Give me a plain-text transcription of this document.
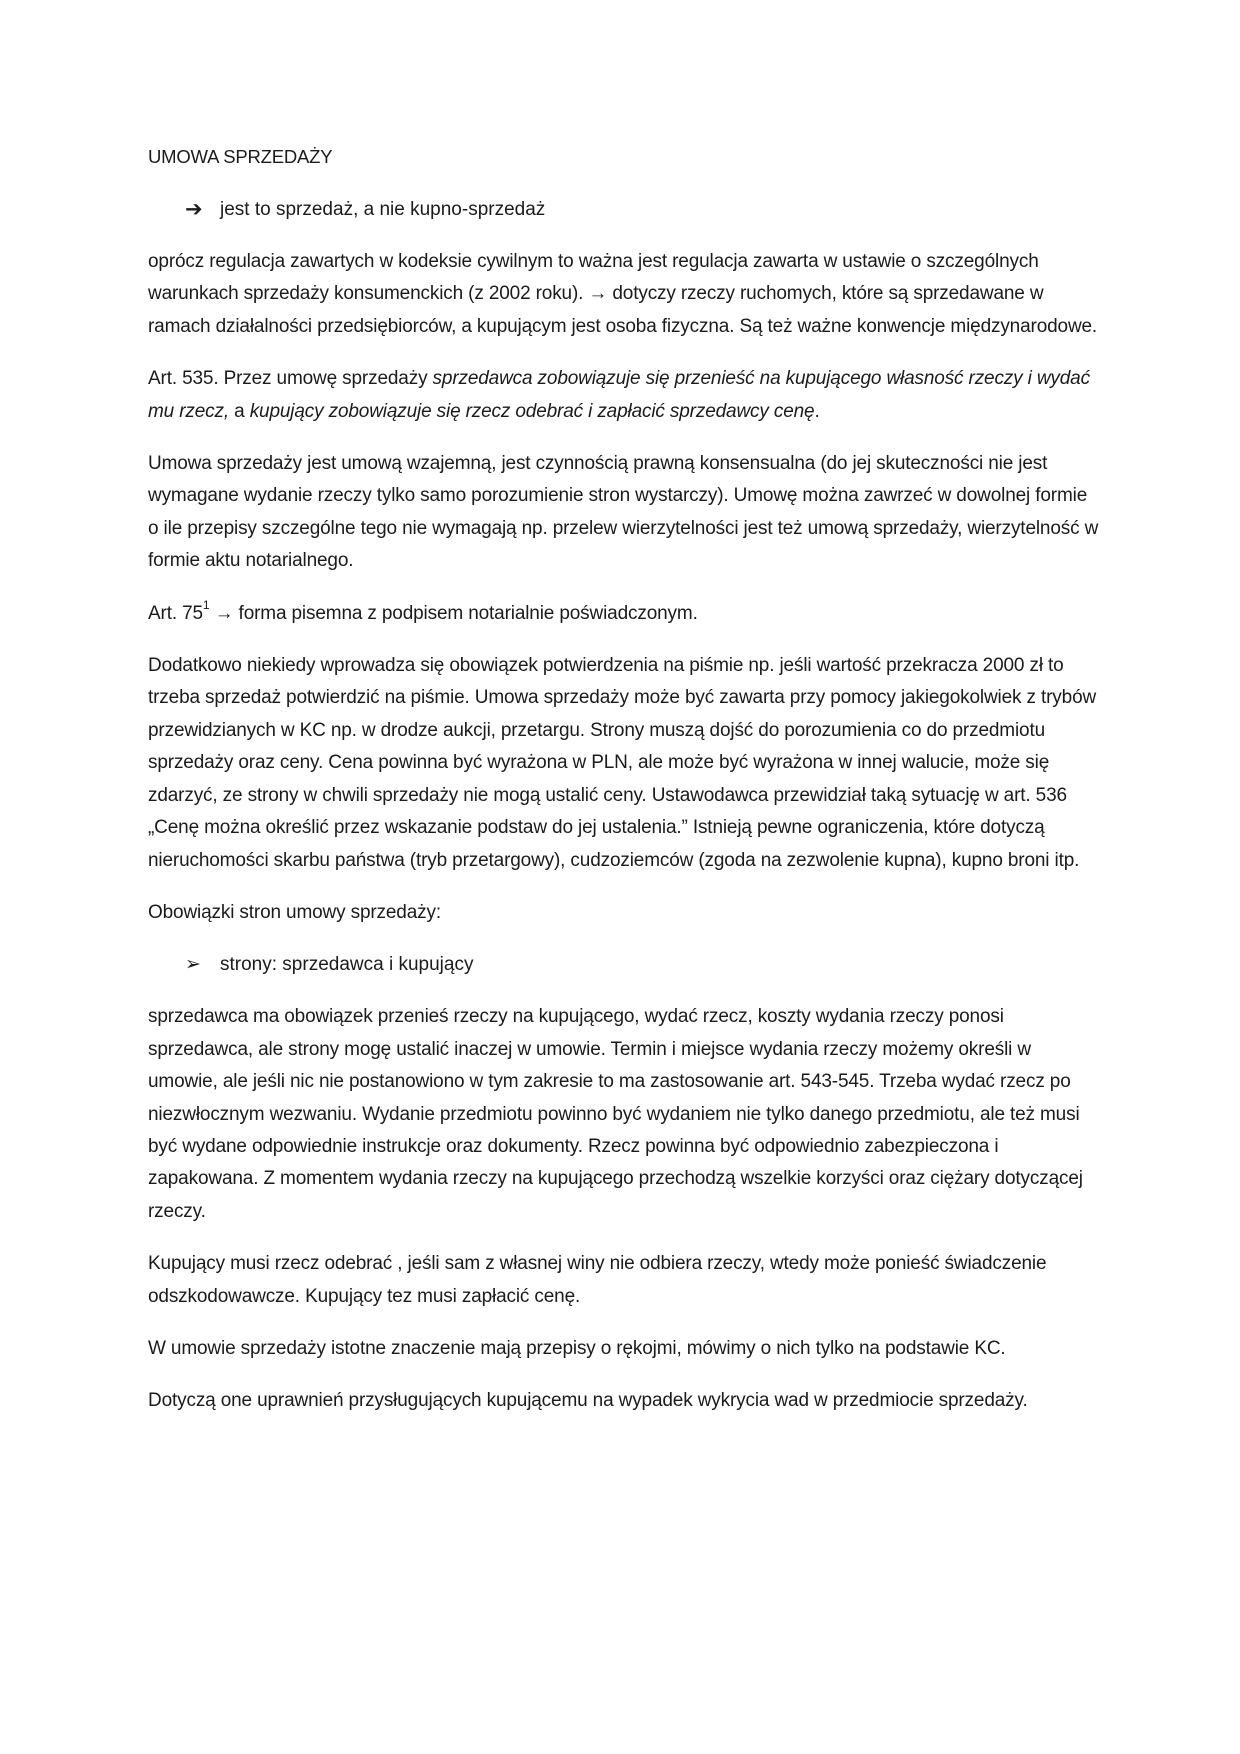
UMOWA SPRZEDAŻY
➔ jest to sprzedaż, a nie kupno-sprzedaż

oprócz regulacja zawartych w kodeksie cywilnym to ważna jest regulacja zawarta w ustawie o szczególnych warunkach sprzedaży konsumenckich (z 2002 roku). → dotyczy rzeczy ruchomych, które są sprzedawane w ramach działalności przedsiębiorców, a kupującym jest osoba fizyczna. Są też ważne konwencje międzynarodowe.

Art. 535. Przez umowę sprzedaży sprzedawca zobowiązuje się przenieść na kupującego własność rzeczy i wydać mu rzecz, a kupujący zobowiązuje się rzecz odebrać i zapłacić sprzedawcy cenę.

Umowa sprzedaży jest umową wzajemną, jest czynnością prawną konsensualna (do jej skuteczności nie jest wymagane wydanie rzeczy tylko samo porozumienie stron wystarczy). Umowę można zawrzeć w dowolnej formie o ile przepisy szczególne tego nie wymagają np. przelew wierzytelności jest też umową sprzedaży, wierzytelność w formie aktu notarialnego.

Art. $75^1$ → forma pisemna z podpisem notarialnie poświadczonym.

Dodatkowo niekiedy wprowadza się obowiązek potwierdzenia na piśmie np. jeśli wartość przekracza 2000 zł to trzeba sprzedaż potwierdzić na piśmie. Umowa sprzedaży może być zawarta przy pomocy jakiegokolwiek z trybów przewidzianych w KC np. w drodze aukcji, przetargu. Strony muszą dojść do porozumienia co do przedmiotu sprzedaży oraz ceny. Cena powinna być wyrażona w PLN, ale może być wyrażona w innej walucie, może się zdarzyć, ze strony w chwili sprzedaży nie mogą ustalić ceny. Ustawodawca przewidział taką sytuację w art. 536 „Cenę można określić przez wskazanie podstaw do jej ustalenia.” Istnieją pewne ograniczenia, które dotyczą nieruchomości skarbu państwa (tryb przetargowy), cudzoziemców (zgoda na zezwolenie kupna), kupno broni itp.

Obowiązki stron umowy sprzedaży:

➢	strony: sprzedawca i kupujący

sprzedawca ma obowiązek przenieś rzeczy na kupującego, wydać rzecz, koszty wydania rzeczy ponosi sprzedawca, ale strony mogę ustalić inaczej w umowie. Termin i miejsce wydania rzeczy możemy określi w umowie, ale jeśli nic nie postanowiono w tym zakresie to ma zastosowanie art. 543-545. Trzeba wydać rzecz po niezwłocznym wezwaniu. Wydanie przedmiotu powinno być wydaniem nie tylko danego przedmiotu, ale też musi być wydane odpowiednie instrukcje oraz dokumenty. Rzecz powinna być odpowiednio zabezpieczona i zapakowana. Z momentem wydania rzeczy na kupującego przechodzą wszelkie korzyści oraz ciężary dotyczącej rzeczy.

Kupujący musi rzecz odebrać , jeśli sam z własnej winy nie odbiera rzeczy, wtedy może ponieść świadczenie odszkodowawcze. Kupujący tez musi zapłacić cenę.

W umowie sprzedaży istotne znaczenie mają przepisy o rękojmi, mówimy o nich tylko na podstawie KC.

Dotyczą one uprawnień przysługujących kupującemu na wypadek wykrycia wad w przedmiocie sprzedaży.
